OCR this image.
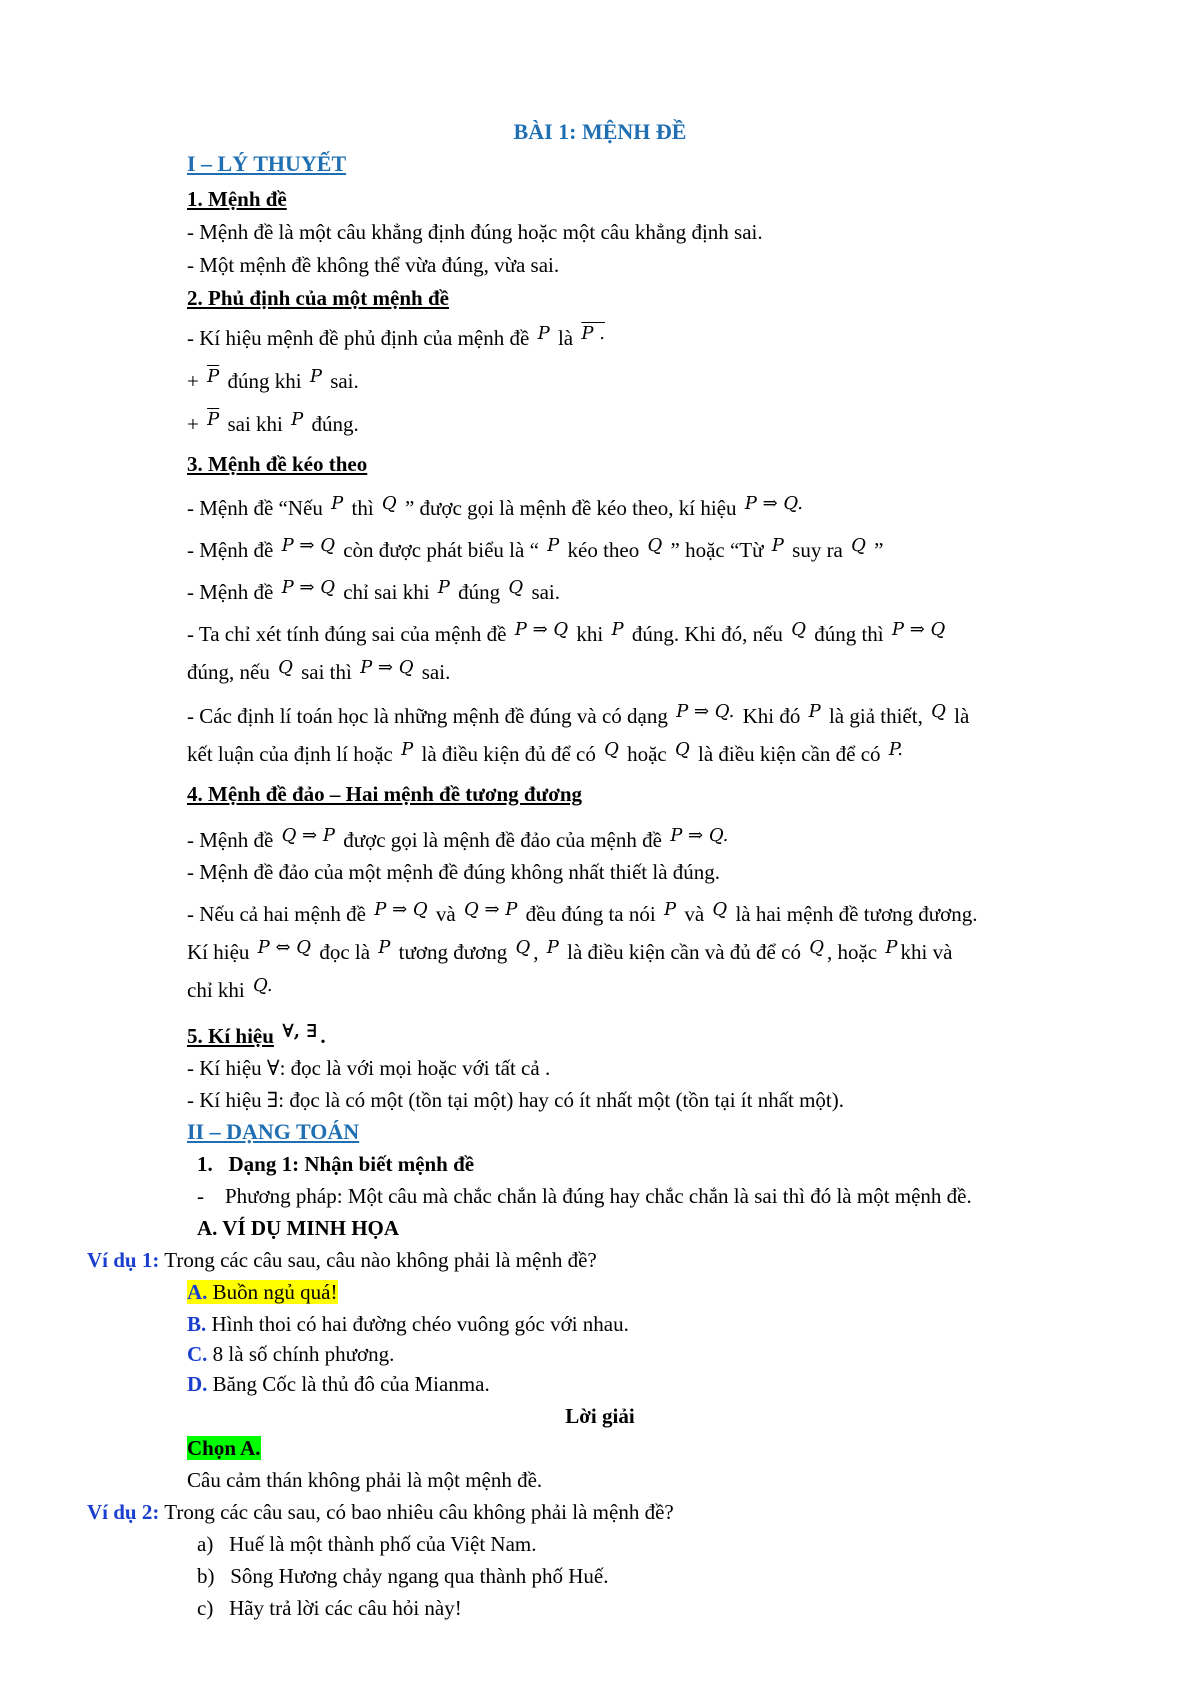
BÀI 1: MỆNH ĐỀ
I – LÝ THUYẾT
1. Mệnh đề
- Mệnh đề là một câu khẳng định đúng hoặc một câu khẳng định sai.
- Một mệnh đề không thể vừa đúng, vừa sai.
2. Phủ định của một mệnh đề
- Kí hiệu mệnh đề phủ định của mệnh đề P là P .
+ $\overline{P}$ đúng khi P sai.
+ $\overline{P}$ sai khi P đúng.
3. Mệnh đề kéo theo
- Mệnh đề “Nếu P thì Q ” được gọi là mệnh đề kéo theo, kí hiệu P ⇒ Q.
- Mệnh đề P ⇒ Q còn được phát biểu là “ P kéo theo Q ” hoặc “Từ P suy ra Q ”
- Mệnh đề P ⇒ Q chỉ sai khi P đúng Q sai.
- Ta chỉ xét tính đúng sai của mệnh đề P ⇒ Q khi P đúng. Khi đó, nếu Q đúng thì P ⇒ Q
đúng, nếu Q sai thì P ⇒ Q sai.
- Các định lí toán học là những mệnh đề đúng và có dạng P ⇒ Q. Khi đó P là giả thiết, Q là
kết luận của định lí hoặc P là điều kiện đủ để có Q hoặc Q là điều kiện cần để có P.
4. Mệnh đề đảo – Hai mệnh đề tương đương
- Mệnh đề Q ⇒ P được gọi là mệnh đề đảo của mệnh đề P ⇒ Q.
- Mệnh đề đảo của một mệnh đề đúng không nhất thiết là đúng.
- Nếu cả hai mệnh đề P ⇒ Q và Q ⇒ P đều đúng ta nói P và Q là hai mệnh đề tương đương.
Kí hiệu P ⇔ Q đọc là P tương đương Q , P là điều kiện cần và đủ để có Q , hoặc P khi và
chỉ khi Q.
5. Kí hiệu ∀, ∃ .
- Kí hiệu ∀: đọc là với mọi hoặc với tất cả .
- Kí hiệu ∃: đọc là có một (tồn tại một) hay có ít nhất một (tồn tại ít nhất một).
II – DẠNG TOÁN
1.   Dạng 1: Nhận biết mệnh đề
-    Phương pháp: Một câu mà chắc chắn là đúng hay chắc chắn là sai thì đó là một mệnh đề.
A. VÍ DỤ MINH HỌA
Ví dụ 1: Trong các câu sau, câu nào không phải là mệnh đề?
A. Buồn ngủ quá!
B. Hình thoi có hai đường chéo vuông góc với nhau.
C. 8 là số chính phương.
D. Băng Cốc là thủ đô của Mianma.
Lời giải
Chọn A.
Câu cảm thán không phải là một mệnh đề.
Ví dụ 2: Trong các câu sau, có bao nhiêu câu không phải là mệnh đề?
a)   Huế là một thành phố của Việt Nam.
b)   Sông Hương chảy ngang qua thành phố Huế.
c)   Hãy trả lời các câu hỏi này!
